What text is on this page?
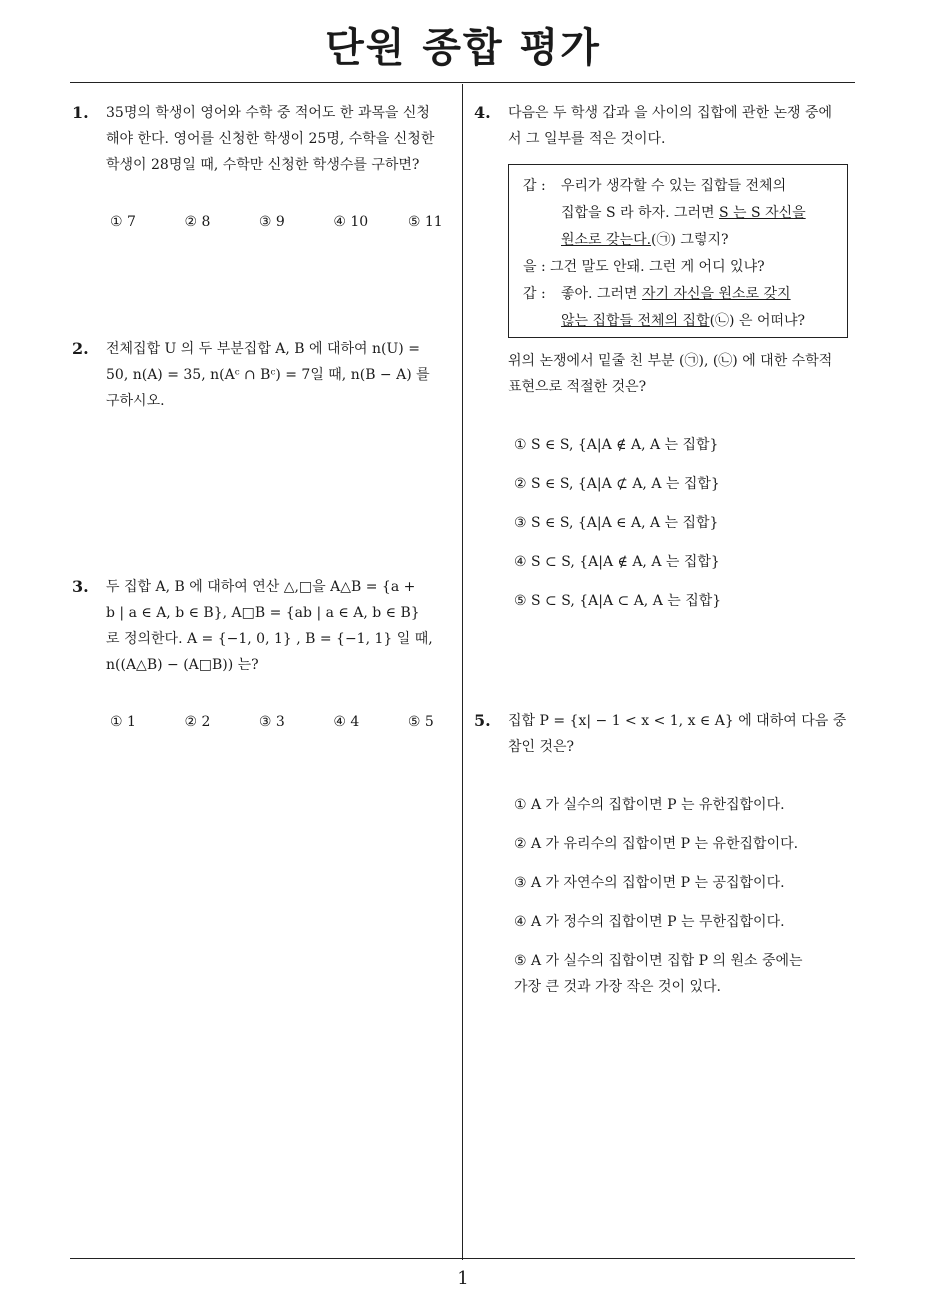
단원 종합 평가
1
1. 35명의 학생이 영어와 수학 중 적어도 한 과목을 신청
해야 한다. 영어를 신청한 학생이 25명, 수학을 신청한
학생이 28명일 때, 수학만 신청한 학생수를 구하면?
① 7	② 8	③ 9	④ 10	⑤ 11
2. 전체집합 U 의 두 부분집합 A, B 에 대하여 n(U) =
50, n(A) = 35, n(Aᶜ ∩ Bᶜ) = 7일 때, n(B − A) 를
구하시오.
3. 두 집합 A, B 에 대하여 연산 △,□을 A△B = {a +
b | a ∈ A, b ∈ B}, A□B = {ab | a ∈ A, b ∈ B}
로 정의한다. A = {−1, 0, 1} , B = {−1, 1} 일 때,
n((A△B) − (A□B)) 는?
① 1	② 2	③ 3	④ 4	⑤ 5
4. 다음은 두 학생 갑과 을 사이의 집합에 관한 논쟁 중에
서 그 일부를 적은 것이다.
갑 : 우리가 생각할 수 있는 집합들 전체의
집합을 S 라 하자. 그러면 S 는 S 자신을
원소로 갖는다.(㉠) 그렇지?
을 : 그건 말도 안돼. 그런 게 어디 있냐?
갑 : 좋아. 그러면 자기 자신을 원소로 갖지
않는 집합들 전체의 집합(㉡) 은 어떠냐?
위의 논쟁에서 밑줄 친 부분 (㉠), (㉡) 에 대한 수학적
표현으로 적절한 것은?
① S ∈ S, {A|A ∉ A, A 는 집합}
② S ∈ S, {A|A ⊄ A, A 는 집합}
③ S ∈ S, {A|A ∈ A, A 는 집합}
④ S ⊂ S, {A|A ∉ A, A 는 집합}
⑤ S ⊂ S, {A|A ⊂ A, A 는 집합}
5. 집합 P = {x| − 1 < x < 1, x ∈ A} 에 대하여 다음 중
참인 것은?
① A 가 실수의 집합이면 P 는 유한집합이다.
② A 가 유리수의 집합이면 P 는 유한집합이다.
③ A 가 자연수의 집합이면 P 는 공집합이다.
④ A 가 정수의 집합이면 P 는 무한집합이다.
⑤ A 가 실수의 집합이면 집합 P 의 원소 중에는
가장 큰 것과 가장 작은 것이 있다.
